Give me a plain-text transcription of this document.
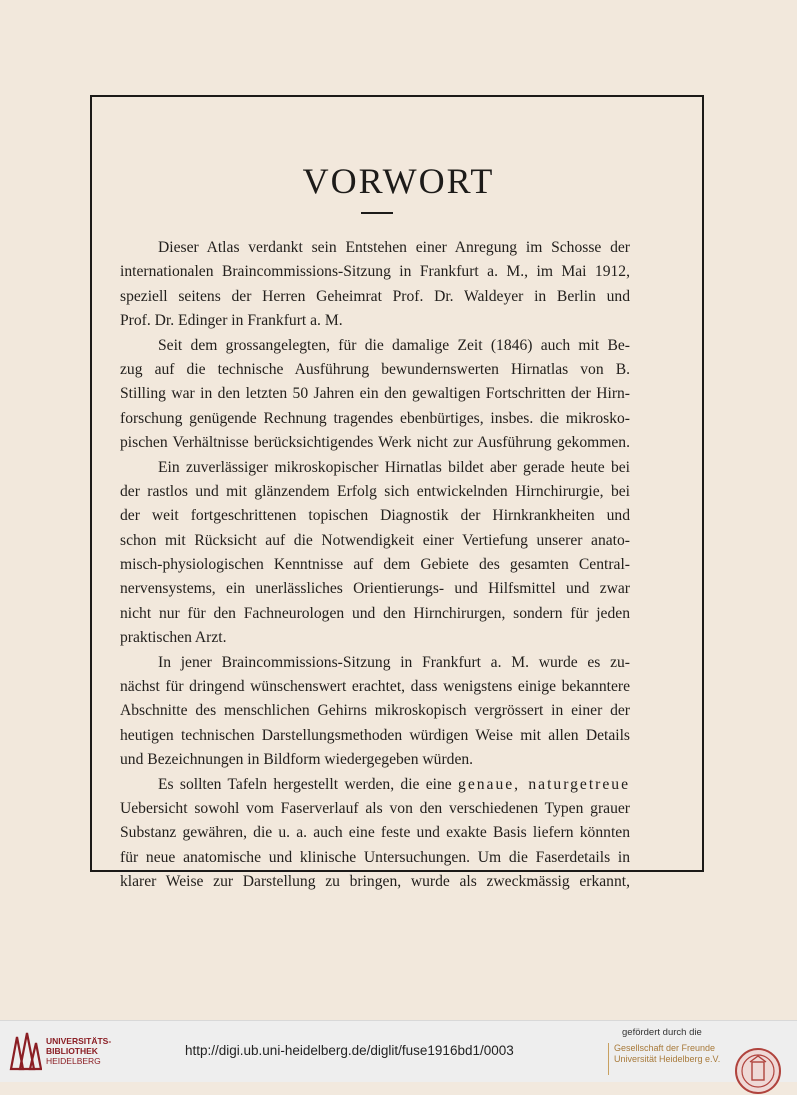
VORWORT
Dieser Atlas verdankt sein Entstehen einer Anregung im Schosse der
internationalen Braincommissions-Sitzung in Frankfurt a. M., im Mai 1912,
speziell seitens der Herren Geheimrat Prof. Dr. Waldeyer in Berlin und
Prof. Dr. Edinger in Frankfurt a. M.
Seit dem grossangelegten, für die damalige Zeit (1846) auch mit Be-
zug auf die technische Ausführung bewundernswerten Hirnatlas von B.
Stilling war in den letzten 50 Jahren ein den gewaltigen Fortschritten der Hirn-
forschung genügende Rechnung tragendes ebenbürtiges, insbes. die mikrosko-
pischen Verhältnisse berücksichtigendes Werk nicht zur Ausführung gekommen.
Ein zuverlässiger mikroskopischer Hirnatlas bildet aber gerade heute bei
der rastlos und mit glänzendem Erfolg sich entwickelnden Hirnchirurgie, bei
der weit fortgeschrittenen topischen Diagnostik der Hirnkrankheiten und
schon mit Rücksicht auf die Notwendigkeit einer Vertiefung unserer anato-
misch-physiologischen Kenntnisse auf dem Gebiete des gesamten Central-
nervensystems, ein unerlässliches Orientierungs- und Hilfsmittel und zwar
nicht nur für den Fachneurologen und den Hirnchirurgen, sondern für jeden
praktischen Arzt.
In jener Braincommissions-Sitzung in Frankfurt a. M. wurde es zu-
nächst für dringend wünschenswert erachtet, dass wenigstens einige bekanntere
Abschnitte des menschlichen Gehirns mikroskopisch vergrössert in einer der
heutigen technischen Darstellungsmethoden würdigen Weise mit allen Details
und Bezeichnungen in Bildform wiedergegeben würden.
Es sollten Tafeln hergestellt werden, die eine genaue, naturgetreue
Uebersicht sowohl vom Faserverlauf als von den verschiedenen Typen grauer
Substanz gewähren, die u. a. auch eine feste und exakte Basis liefern könnten
für neue anatomische und klinische Untersuchungen. Um die Faserdetails in
klarer Weise zur Darstellung zu bringen, wurde als zweckmässig erkannt,
UNIVERSITÄTS-
BIBLIOTHEK
HEIDELBERG
http://digi.ub.uni-heidelberg.de/diglit/fuse1916bd1/0003
gefördert durch die
Gesellschaft der Freunde
Universität Heidelberg e.V.
